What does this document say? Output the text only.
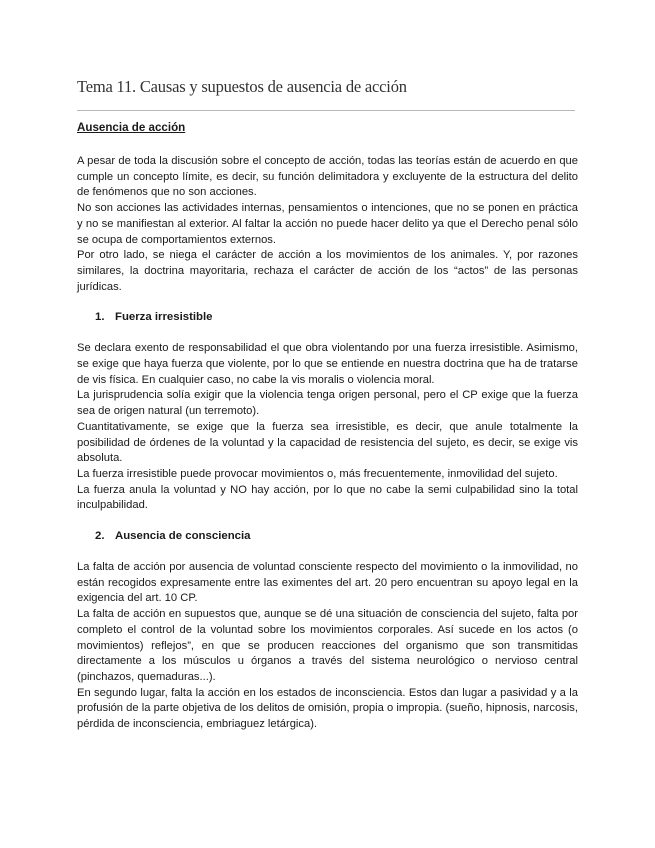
Tema 11. Causas y supuestos de ausencia de acción

Ausencia de acción

A pesar de toda la discusión sobre el concepto de acción, todas las teorías están de acuerdo en que cumple un concepto límite, es decir, su función delimitadora y excluyente de la estructura del delito de fenómenos que no son acciones.

No son acciones las actividades internas, pensamientos o intenciones, que no se ponen en práctica y no se manifiestan al exterior. Al faltar la acción no puede hacer delito ya que el Derecho penal sólo se ocupa de comportamientos externos.

Por otro lado, se niega el carácter de acción a los movimientos de los animales. Y, por razones similares, la doctrina mayoritaria, rechaza el carácter de acción de los “actos” de las personas jurídicas.

1. Fuerza irresistible

Se declara exento de responsabilidad el que obra violentando por una fuerza irresistible. Asimismo, se exige que haya fuerza que violente, por lo que se entiende en nuestra doctrina que ha de tratarse de vis física. En cualquier caso, no cabe la vis moralis o violencia moral.

La jurisprudencia solía exigir que la violencia tenga origen personal, pero el CP exige que la fuerza sea de origen natural (un terremoto).

Cuantitativamente, se exige que la fuerza sea irresistible, es decir, que anule totalmente la posibilidad de órdenes de la voluntad y la capacidad de resistencia del sujeto, es decir, se exige vis absoluta.

La fuerza irresistible puede provocar movimientos o, más frecuentemente, inmovilidad del sujeto.

La fuerza anula la voluntad y NO hay acción, por lo que no cabe la semi culpabilidad sino la total inculpabilidad.

2. Ausencia de consciencia

La falta de acción por ausencia de voluntad consciente respecto del movimiento o la inmovilidad, no están recogidos expresamente entre las eximentes del art. 20 pero encuentran su apoyo legal en la exigencia del art. 10 CP.

La falta de acción en supuestos que, aunque se dé una situación de consciencia del sujeto, falta por completo el control de la voluntad sobre los movimientos corporales. Así sucede en los actos (o movimientos) reflejos”, en que se producen reacciones del organismo que son transmitidas directamente a los músculos u órganos a través del sistema neurológico o nervioso central (pinchazos, quemaduras...).

En segundo lugar, falta la acción en los estados de inconsciencia. Estos dan lugar a pasividad y a la profusión de la parte objetiva de los delitos de omisión, propia o impropia. (sueño, hipnosis, narcosis, pérdida de inconsciencia, embriaguez letárgica).
